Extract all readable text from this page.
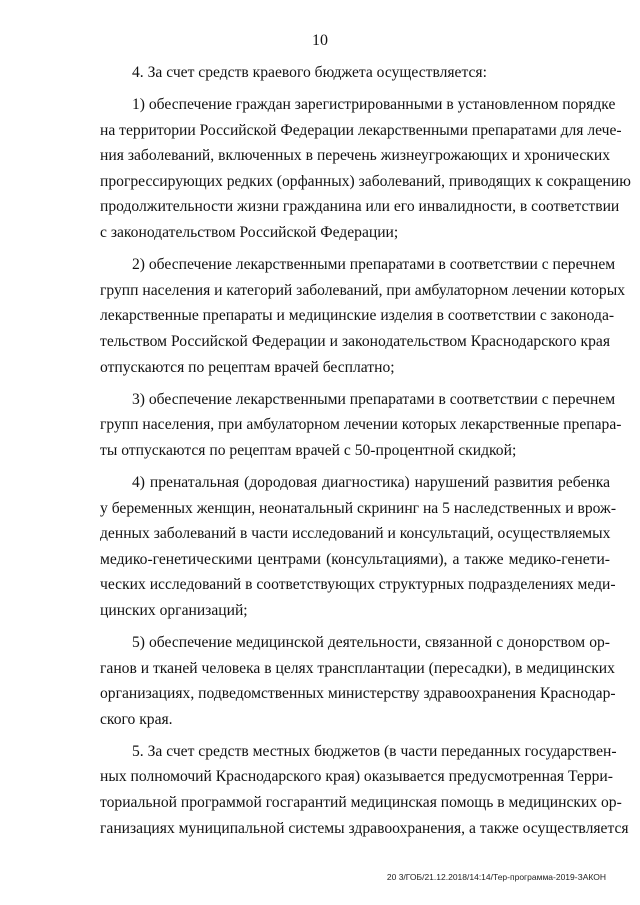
10
4. За счет средств краевого бюджета осуществляется:
1) обеспечение граждан зарегистрированными в установленном порядке
на территории Российской Федерации лекарственными препаратами для лече-
ния заболеваний, включенных в перечень жизнеугрожающих и хронических
прогрессирующих редких (орфанных) заболеваний, приводящих к сокращению
продолжительности жизни гражданина или его инвалидности, в соответствии
с законодательством Российской Федерации;
2) обеспечение лекарственными препаратами в соответствии с перечнем
групп населения и категорий заболеваний, при амбулаторном лечении которых
лекарственные препараты и медицинские изделия в соответствии с законода-
тельством Российской Федерации и законодательством Краснодарского края
отпускаются по рецептам врачей бесплатно;
3) обеспечение лекарственными препаратами в соответствии с перечнем
групп населения, при амбулаторном лечении которых лекарственные препара-
ты отпускаются по рецептам врачей с 50-процентной скидкой;
4) пренатальная (дородовая диагностика) нарушений развития ребенка
у беременных женщин, неонатальный скрининг на 5 наследственных и врож-
денных заболеваний в части исследований и консультаций, осуществляемых
медико-генетическими центрами (консультациями), а также медико-генети-
ческих исследований в соответствующих структурных подразделениях меди-
цинских организаций;
5) обеспечение медицинской деятельности, связанной с донорством ор-
ганов и тканей человека в целях трансплантации (пересадки), в медицинских
организациях, подведомственных министерству здравоохранения Краснодар-
ского края.
5. За счет средств местных бюджетов (в части переданных государствен-
ных полномочий Краснодарского края) оказывается предусмотренная Терри-
ториальной программой госгарантий медицинская помощь в медицинских ор-
ганизациях муниципальной системы здравоохранения, а также осуществляется
20 3/ГОБ/21.12.2018/14:14/Тер-программа-2019-ЗАКОН
